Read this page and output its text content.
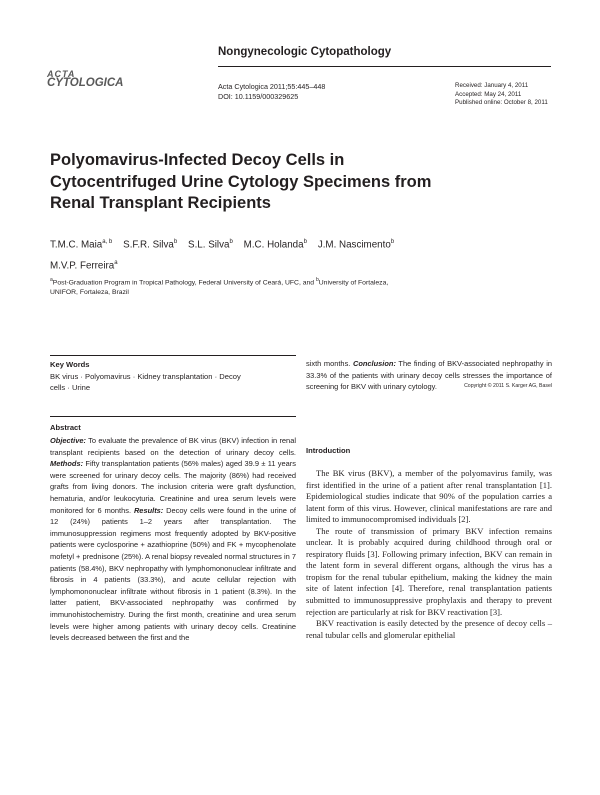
Nongynecologic Cytopathology
ACTA
CYTOLOGICA	Acta Cytologica 2011;55:445–448
DOI: 10.1159/000329625
Received: January 4, 2011
Accepted: May 24, 2011
Published online: October 8, 2011
Polyomavirus-Infected Decoy Cells in
Cytocentrifuged Urine Cytology Specimens from
Renal Transplant Recipients
T.M.C. Maia$^{a, b}$ S.F.R. Silva$^b$ S.L. Silva$^b$ M.C. Holanda$^b$ J.M. Nascimento$^b$
M.V.P. Ferreira$^a$
$^a$Post-Graduation Program in Tropical Pathology, Federal University of Ceará, UFC, and $^b$University of Fortaleza,
UNIFOR, Fortaleza, Brazil
Key Words
BK virus · Polyomavirus · Kidney transplantation · Decoy
cells · Urine
Abstract
Objective: To evaluate the prevalence of BK virus (BKV) infection in renal transplant recipients based on the detection of urinary decoy cells. Methods: Fifty transplantation patients (56% males) aged 39.9 ± 11 years were screened for urinary decoy cells. The majority (86%) had received grafts from living donors. The inclusion criteria were graft dysfunction, hematuria, and/or leukocyturia. Creatinine and urea serum levels were monitored for 6 months. Results: Decoy cells were found in the urine of 12 (24%) patients 1–2 years after transplantation. The immunosuppression regimens most frequently adopted by BKV-positive patients were cyclosporine + azathioprine (50%) and FK + mycophenolate mofetyl + prednisone (25%). A renal biopsy revealed normal structures in 7 patients (58.4%), BKV nephropathy with lymphomononuclear infiltrate and fibrosis in 4 patients (33.3%), and acute cellular rejection with lymphomononuclear infiltrate without fibrosis in 1 patient (8.3%). In the latter patient, BKV-associated nephropathy was confirmed by immunohistochemistry. During the first month, creatinine and urea serum levels were higher among patients with urinary decoy cells. Creatinine levels decreased between the first and the
sixth months. Conclusion: The finding of BKV-associated nephropathy in 33.3% of the patients with urinary decoy cells stresses the importance of screening for BKV with urinary cytology.	Copyright © 2011 S. Karger AG, Basel
Introduction

The BK virus (BKV), a member of the polyomavirus family, was first identified in the urine of a patient after renal transplantation [1]. Epidemiological studies indicate that 90% of the population carries a latent form of this virus. However, clinical manifestations are rare and limited to immunocompromised individuals [2].

The route of transmission of primary BKV infection remains unclear. It is probably acquired during childhood through oral or respiratory fluids [3]. Following primary infection, BKV can remain in the latent form in several different organs, although the virus has a tropism for the renal tubular epithelium, making the kidney the main site of latent infection [4]. Therefore, renal transplantation patients submitted to immunosuppressive prophylaxis and therapy to prevent rejection are particularly at risk for BKV reactivation [3].

BKV reactivation is easily detected by the presence of decoy cells – renal tubular cells and glomerular epithelial
